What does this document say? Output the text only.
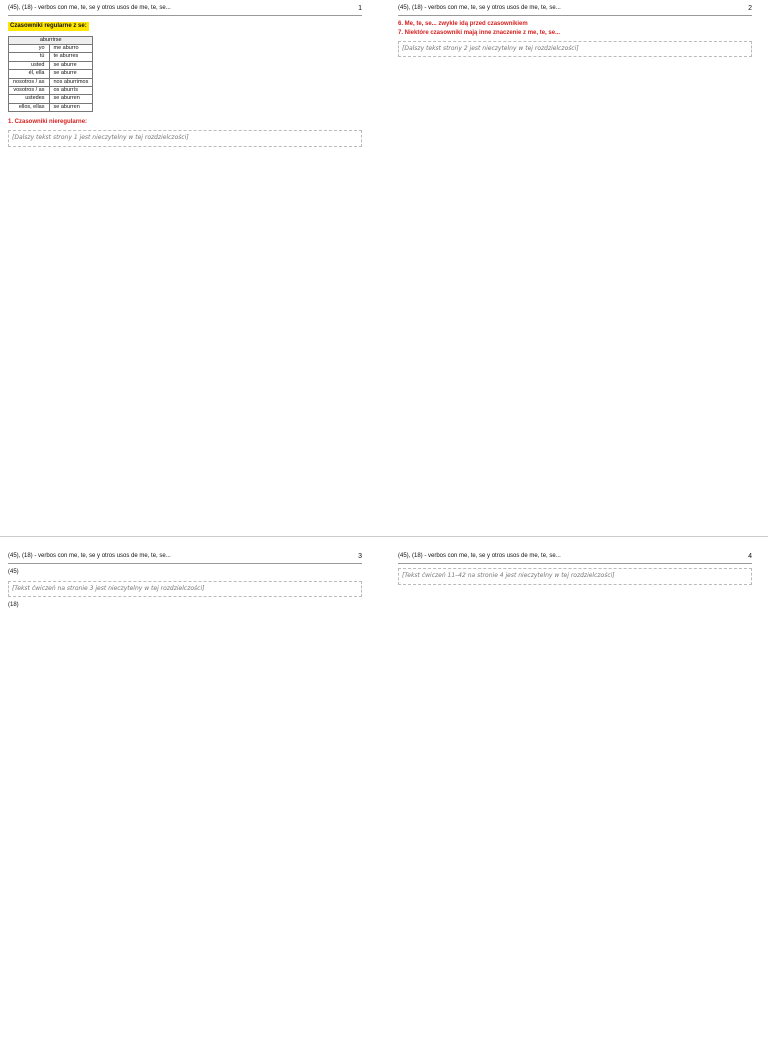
(45), (18) - verbos con me, te, se y otros usos de me, te, se...	1
Czasowniki regularne z se:
aburrirse	
yo	me aburro
tú	te aburres
usted	se aburre
él, ella	se aburre
nosotros / as	nos aburrimos
vosotros / as	os aburrís
ustedes	se aburren
ellos, ellas	se aburren
1. Czasowniki nieregularne:
[Dalszy tekst strony 1 jest nieczytelny w tej rozdzielczości]
(45), (18) - verbos con me, te, se y otros usos de me, te, se...	2
6. Me, te, se... zwykle idą przed czasownikiem
7. Niektóre czasowniki mają inne znaczenie z me, te, se...
[Dalszy tekst strony 2 jest nieczytelny w tej rozdzielczości]
(45), (18) - verbos con me, te, se y otros usos de me, te, se...	3
(45)
[Tekst ćwiczeń na stronie 3 jest nieczytelny w tej rozdzielczości]
(18)
(45), (18) - verbos con me, te, se y otros usos de me, te, se...	4
[Tekst ćwiczeń 11–42 na stronie 4 jest nieczytelny w tej rozdzielczości]
